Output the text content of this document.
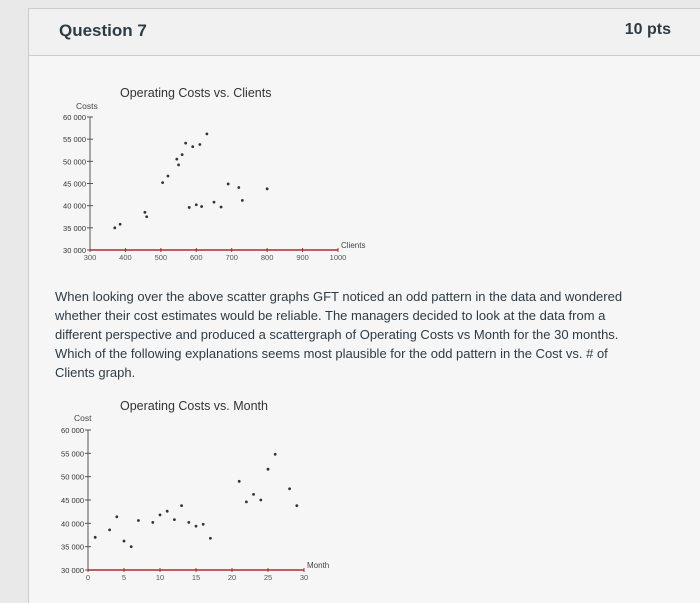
Question 7	10 pts
Operating Costs vs. Clients
Costs
60 000
55 000
50 000
45 000
40 000
35 000
30 000
300	400	500	600	700	800	900	1000
Clients
When looking over the above scatter graphs GFT noticed an odd pattern in the data and wondered whether their cost estimates would be reliable. The managers decided to look at the data from a different perspective and produced a scattergraph of Operating Costs vs Month for the 30 months. Which of the following explanations seems most plausible for the odd pattern in the Cost vs. # of Clients graph.
Operating Costs vs. Month
Cost
60 000
55 000
50 000
45 000
40 000
35 000
30 000
0	5	10	15	20	25	30
Month
